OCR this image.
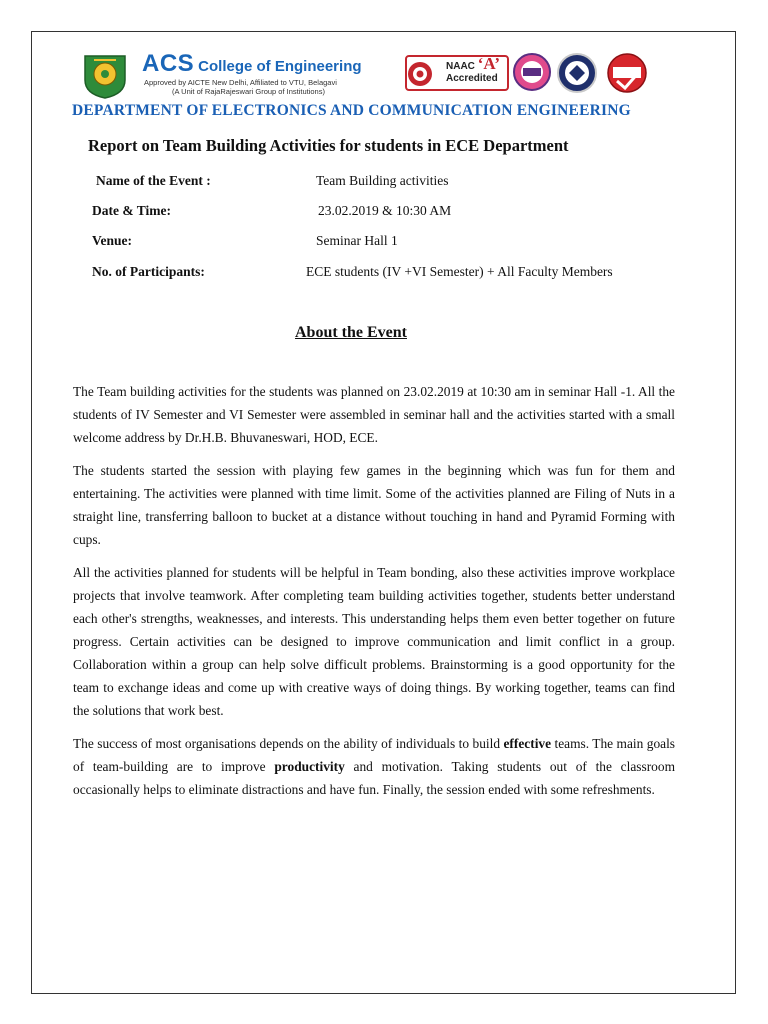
ACS College of Engineering
Approved by AICTE New Delhi, Affiliated to VTU, Belagavi
(A Unit of RajaRajeswari Group of Institutions)
NAAC ‘A’
Accredited
DEPARTMENT OF ELECTRONICS AND COMMUNICATION ENGINEERING
Report on Team Building Activities for students in ECE Department
Name of the Event :	Team Building activities
Date & Time:	23.02.2019 & 10:30 AM
Venue:	Seminar Hall 1
No. of Participants:	ECE students (IV +VI Semester) + All Faculty Members
About the Event
The Team building activities for the students was planned on 23.02.2019 at 10:30 am in seminar Hall -1. All the students of IV Semester and VI Semester were assembled in seminar hall and the activities started with a small welcome address by Dr.H.B. Bhuvaneswari, HOD, ECE.
The students started the session with playing few games in the beginning which was fun for them and entertaining. The activities were planned with time limit. Some of the activities planned are Filing of Nuts in a straight line, transferring balloon to bucket at a distance without touching in hand and Pyramid Forming with cups.
All the activities planned for students will be helpful in Team bonding, also these activities improve workplace projects that involve teamwork. After completing team building activities together, students better understand each other's strengths, weaknesses, and interests. This understanding helps them even better together on future progress. Certain activities can be designed to improve communication and limit conflict in a group. Collaboration within a group can help solve difficult problems. Brainstorming is a good opportunity for the team to exchange ideas and come up with creative ways of doing things. By working together, teams can find the solutions that work best.
The success of most organisations depends on the ability of individuals to build effective teams. The main goals of team-building are to improve productivity and motivation. Taking students out of the classroom occasionally helps to eliminate distractions and have fun. Finally, the session ended with some refreshments.
